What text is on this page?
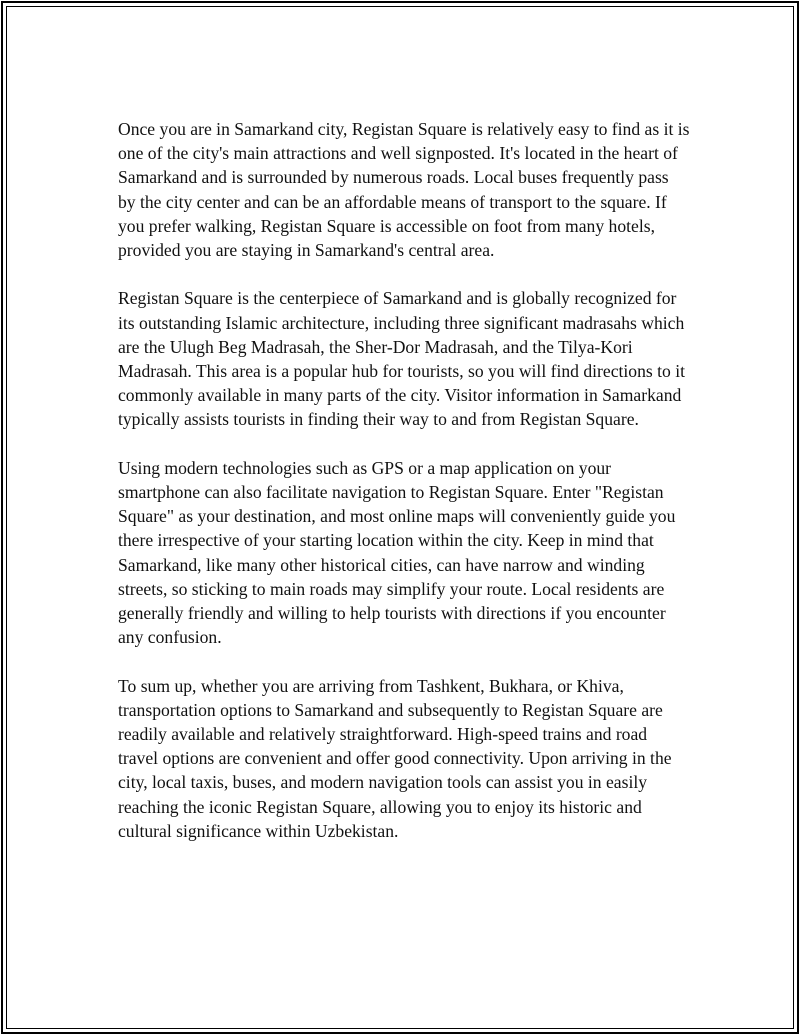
Once you are in Samarkand city, Registan Square is relatively easy to find as it is one of the city's main attractions and well signposted. It's located in the heart of Samarkand and is surrounded by numerous roads. Local buses frequently pass by the city center and can be an affordable means of transport to the square. If you prefer walking, Registan Square is accessible on foot from many hotels, provided you are staying in Samarkand's central area.

Registan Square is the centerpiece of Samarkand and is globally recognized for its outstanding Islamic architecture, including three significant madrasahs which are the Ulugh Beg Madrasah, the Sher-Dor Madrasah, and the Tilya-Kori Madrasah. This area is a popular hub for tourists, so you will find directions to it commonly available in many parts of the city. Visitor information in Samarkand typically assists tourists in finding their way to and from Registan Square.

Using modern technologies such as GPS or a map application on your smartphone can also facilitate navigation to Registan Square. Enter "Registan Square" as your destination, and most online maps will conveniently guide you there irrespective of your starting location within the city. Keep in mind that Samarkand, like many other historical cities, can have narrow and winding streets, so sticking to main roads may simplify your route. Local residents are generally friendly and willing to help tourists with directions if you encounter any confusion.

To sum up, whether you are arriving from Tashkent, Bukhara, or Khiva, transportation options to Samarkand and subsequently to Registan Square are readily available and relatively straightforward. High-speed trains and road travel options are convenient and offer good connectivity. Upon arriving in the city, local taxis, buses, and modern navigation tools can assist you in easily reaching the iconic Registan Square, allowing you to enjoy its historic and cultural significance within Uzbekistan.
